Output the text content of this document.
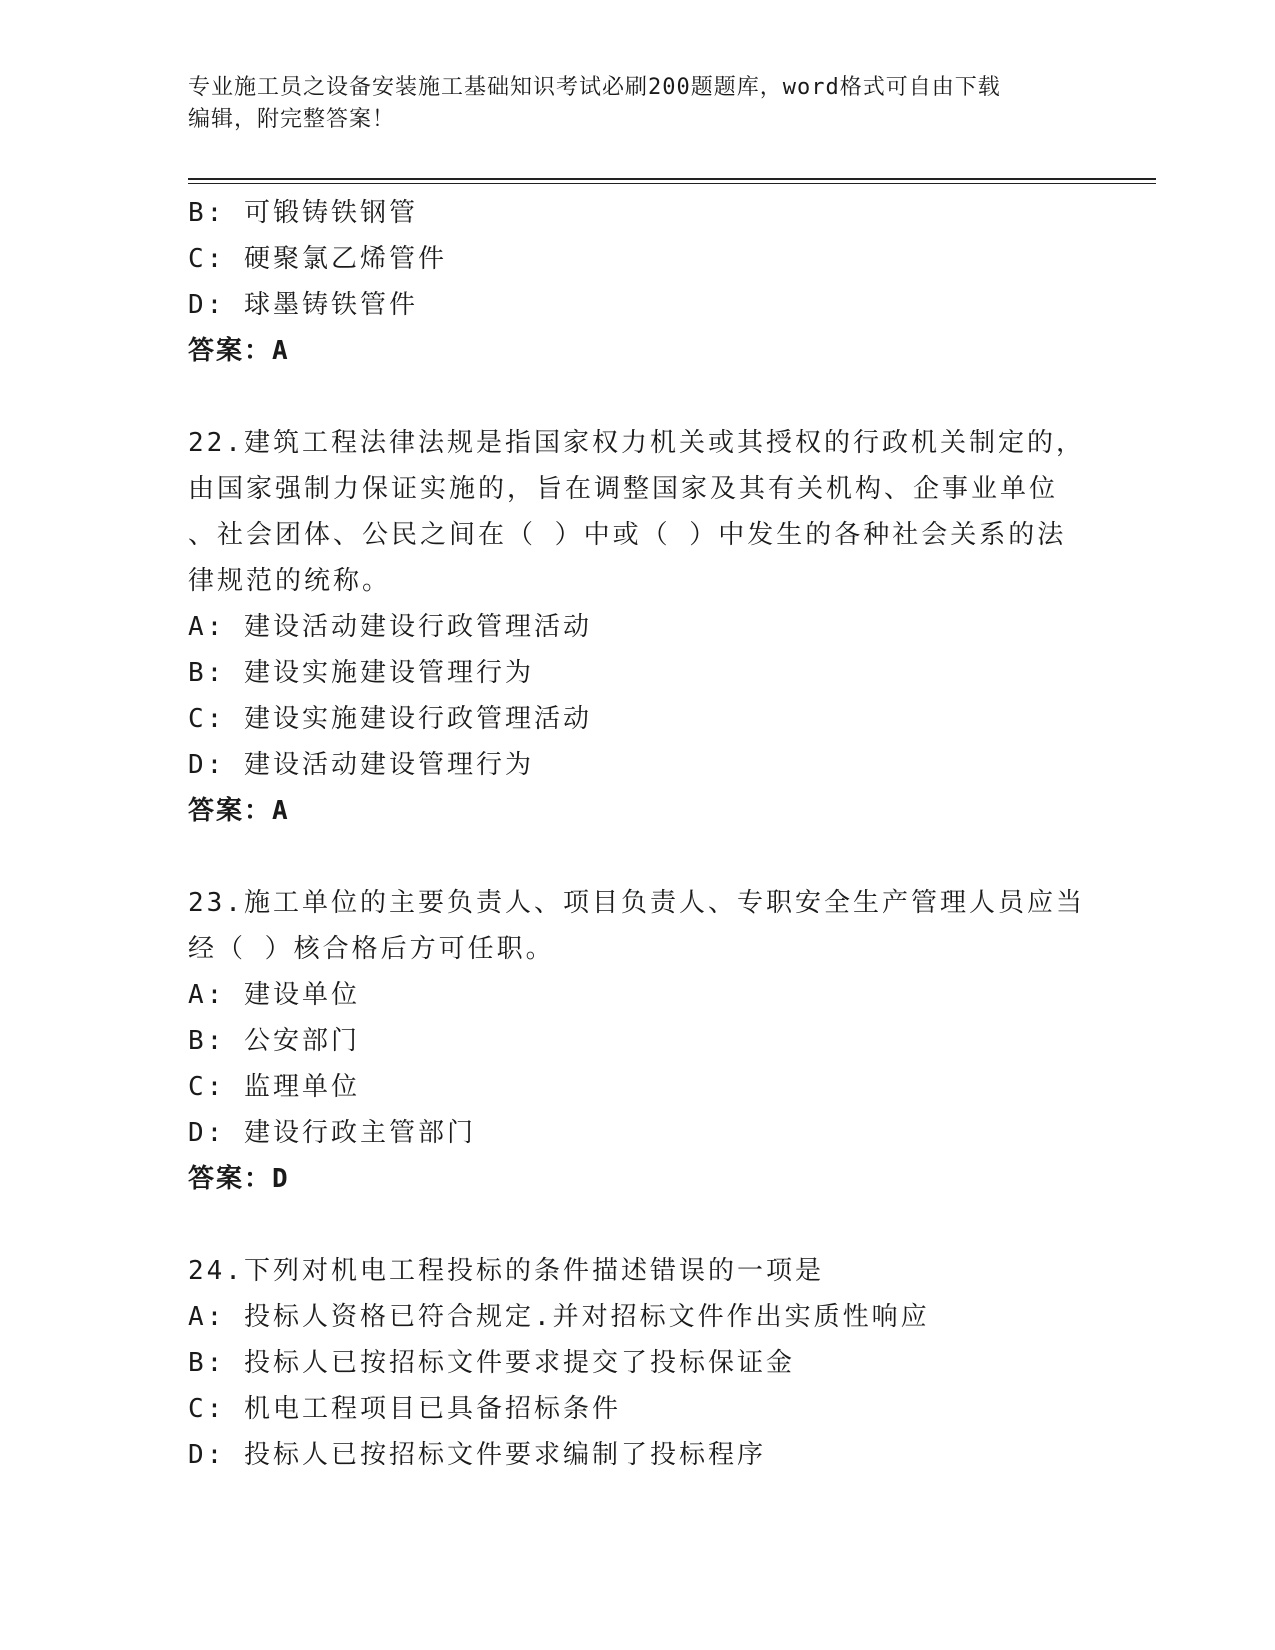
专业施工员之设备安装施工基础知识考试必刷200题题库，word格式可自由下载
编辑，附完整答案！
B: 可锻铸铁钢管
C: 硬聚氯乙烯管件
D: 球墨铸铁管件
答案：A
22.建筑工程法律法规是指国家权力机关或其授权的行政机关制定的，
由国家强制力保证实施的，旨在调整国家及其有关机构、企事业单位
、社会团体、公民之间在（ ）中或（ ）中发生的各种社会关系的法
律规范的统称。
A: 建设活动建设行政管理活动
B: 建设实施建设管理行为
C: 建设实施建设行政管理活动
D: 建设活动建设管理行为
答案：A
23.施工单位的主要负责人、项目负责人、专职安全生产管理人员应当
经（ ）核合格后方可任职。
A: 建设单位
B: 公安部门
C: 监理单位
D: 建设行政主管部门
答案：D
24.下列对机电工程投标的条件描述错误的一项是
A: 投标人资格已符合规定.并对招标文件作出实质性响应
B: 投标人已按招标文件要求提交了投标保证金
C: 机电工程项目已具备招标条件
D: 投标人已按招标文件要求编制了投标程序
